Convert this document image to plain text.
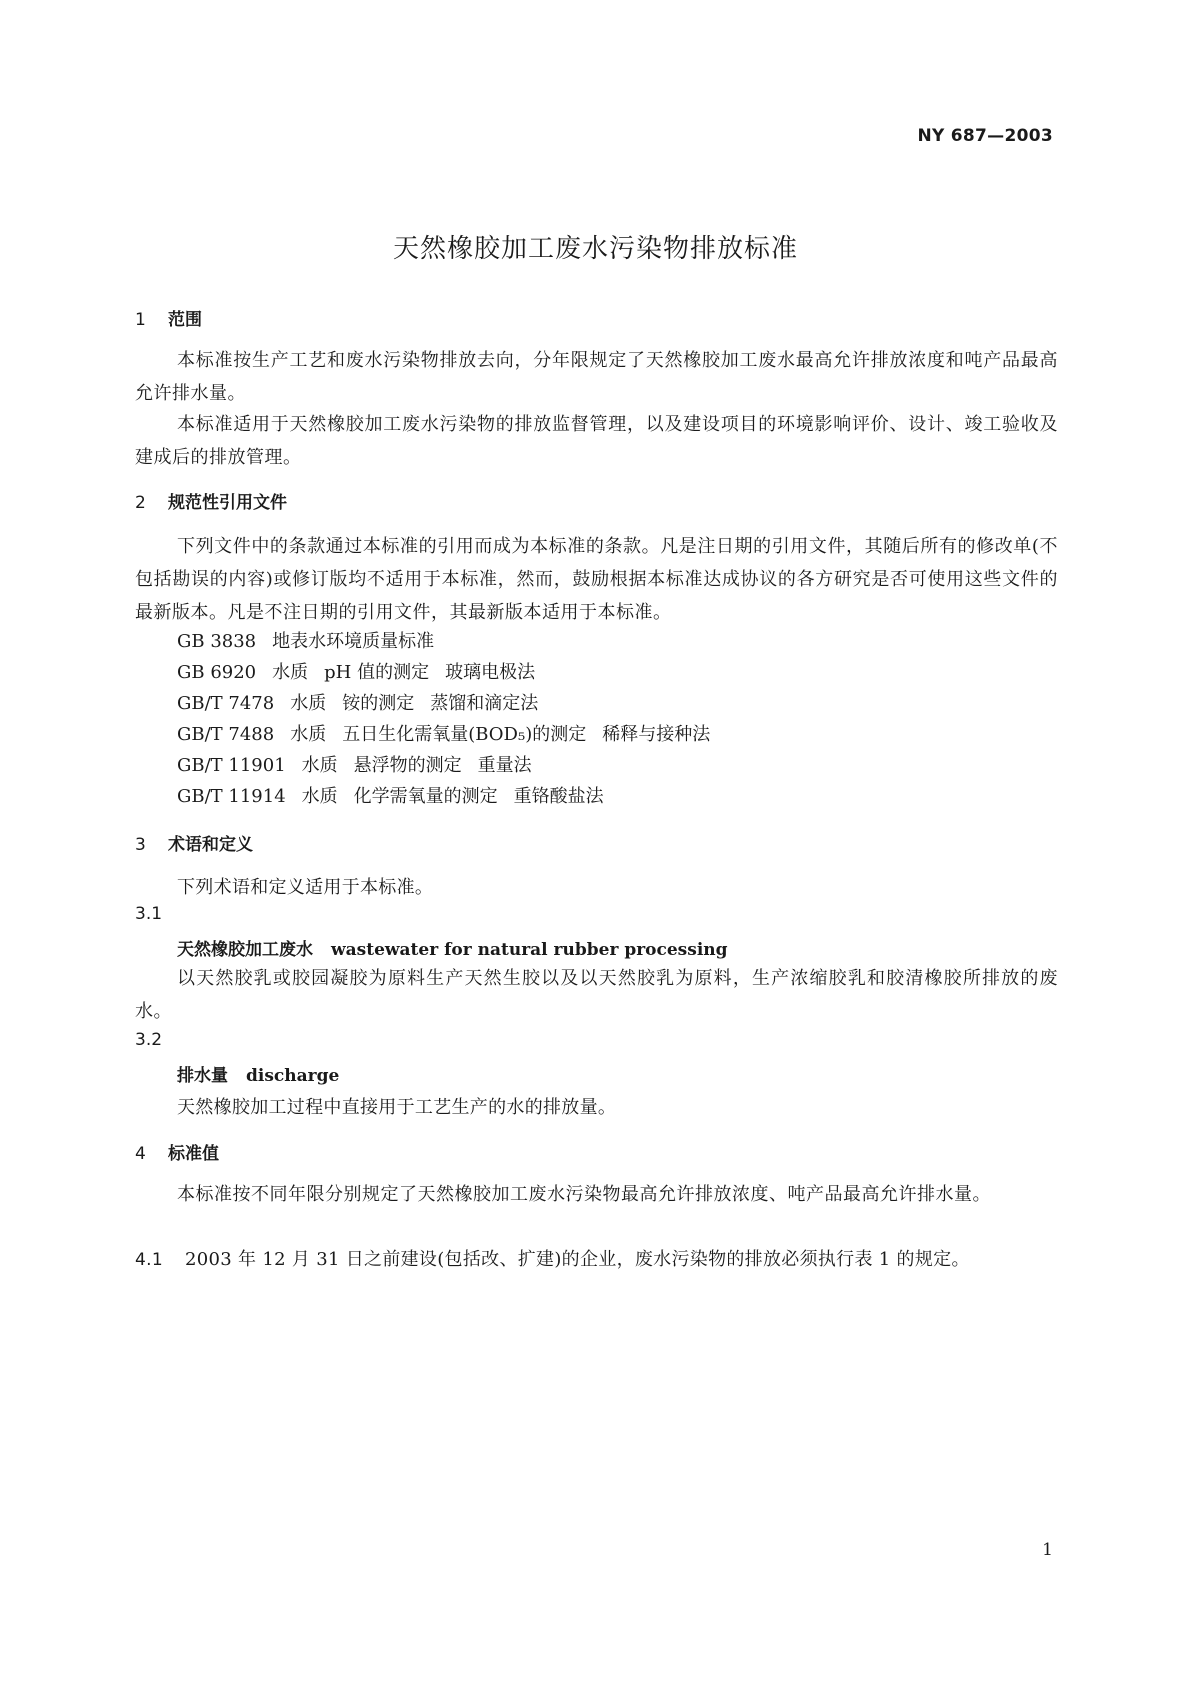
NY 687—2003
天然橡胶加工废水污染物排放标准
1 范围
本标准按生产工艺和废水污染物排放去向，分年限规定了天然橡胶加工废水最高允许排放浓度和吨产品最高允许排水量。
本标准适用于天然橡胶加工废水污染物的排放监督管理，以及建设项目的环境影响评价、设计、竣工验收及建成后的排放管理。
2 规范性引用文件
下列文件中的条款通过本标准的引用而成为本标准的条款。凡是注日期的引用文件，其随后所有的修改单(不包括勘误的内容)或修订版均不适用于本标准，然而，鼓励根据本标准达成协议的各方研究是否可使用这些文件的最新版本。凡是不注日期的引用文件，其最新版本适用于本标准。
GB 3838 地表水环境质量标准
GB 6920 水质 pH 值的测定 玻璃电极法
GB/T 7478 水质 铵的测定 蒸馏和滴定法
GB/T 7488 水质 五日生化需氧量(BOD₅)的测定 稀释与接种法
GB/T 11901 水质 悬浮物的测定 重量法
GB/T 11914 水质 化学需氧量的测定 重铬酸盐法
3 术语和定义
下列术语和定义适用于本标准。
3.1
天然橡胶加工废水 wastewater for natural rubber processing
以天然胶乳或胶园凝胶为原料生产天然生胶以及以天然胶乳为原料，生产浓缩胶乳和胶清橡胶所排放的废水。
3.2
排水量 discharge
天然橡胶加工过程中直接用于工艺生产的水的排放量。
4 标准值
本标准按不同年限分别规定了天然橡胶加工废水污染物最高允许排放浓度、吨产品最高允许排水量。
4.1 2003 年 12 月 31 日之前建设(包括改、扩建)的企业，废水污染物的排放必须执行表 1 的规定。
1
